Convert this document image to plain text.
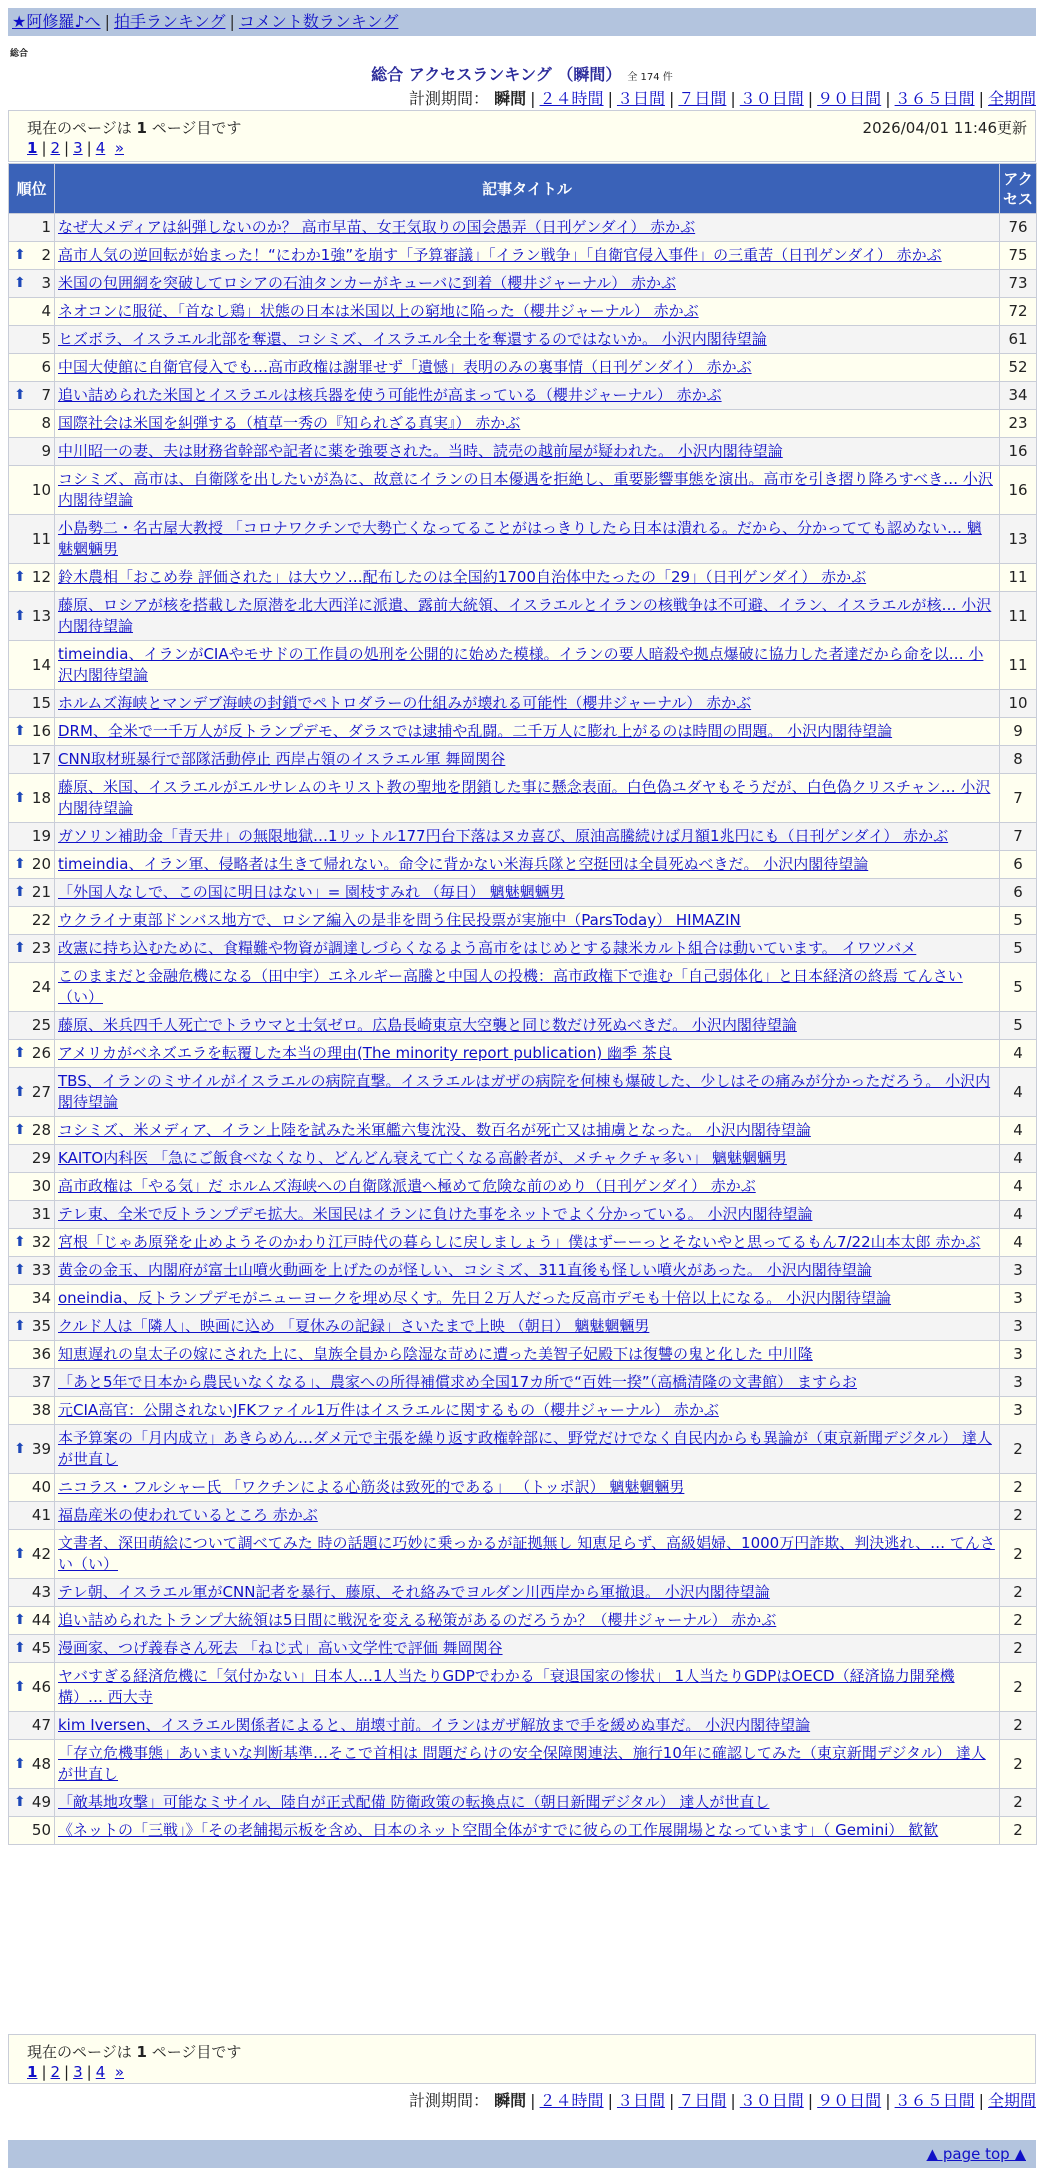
★阿修羅♪へ | 拍手ランキング | コメント数ランキング
総合
総合 アクセスランキング （瞬間） 全 174 件
計測期間： 瞬間 | ２４時間 | ３日間 | ７日間 | ３０日間 | ９０日間 | ３６５日間 | 全期間
現在のページは 1 ページ目です	2026/04/01 11:46更新
1 | 2 | 3 | 4 »
順位	記事タイトル	アクセス
1	なぜ大メディアは糾弾しないのか？ 高市早苗、女王気取りの国会愚弄（日刊ゲンダイ） 赤かぶ	76

⬆ 2	高市人気の逆回転が始まった！“にわか1強”を崩す「予算審議」「イラン戦争」「自衛官侵入事件」の三重苦（日刊ゲンダイ） 赤かぶ	75

⬆ 3	米国の包囲網を突破してロシアの石油タンカーがキューバに到着（櫻井ジャーナル） 赤かぶ	73
4	ネオコンに服従、「首なし鶏」状態の日本は米国以上の窮地に陥った（櫻井ジャーナル） 赤かぶ	72
5	ヒズボラ、イスラエル北部を奪還、コシミズ、イスラエル全土を奪還するのではないか。 小沢内閣待望論	61
6	中国大使館に自衛官侵入でも…高市政権は謝罪せず「遺憾」表明のみの裏事情（日刊ゲンダイ） 赤かぶ	52

⬆ 7	追い詰められた米国とイスラエルは核兵器を使う可能性が高まっている（櫻井ジャーナル） 赤かぶ	34
8	国際社会は米国を糾弾する（植草一秀の『知られざる真実』） 赤かぶ	23
9	中川昭一の妻、夫は財務省幹部や記者に薬を強要された。当時、読売の越前屋が疑われた。 小沢内閣待望論	16
10	コシミズ、高市は、自衛隊を出したいが為に、故意にイランの日本優遇を拒絶し、重要影響事態を演出。高市を引き摺り降ろすべき… 小沢内閣待望論	16
11	小島勢二・名古屋大教授 「コロナワクチンで大勢亡くなってることがはっきりしたら日本は潰れる。だから、分かってても認めない… 魑魅魍魎男	13

⬆ 12	鈴木農相「おこめ券 評価された」は大ウソ…配布したのは全国約1700自治体中たったの「29」（日刊ゲンダイ） 赤かぶ	11

⬆ 13	藤原、ロシアが核を搭載した原潜を北大西洋に派遣、露前大統領、イスラエルとイランの核戦争は不可避、イラン、イスラエルが核… 小沢内閣待望論	11
14	timeindia、イランがCIAやモサドの工作員の処刑を公開的に始めた模様。イランの要人暗殺や拠点爆破に協力した者達だから命を以… 小沢内閣待望論	11
15	ホルムズ海峡とマンデブ海峡の封鎖でペトロダラーの仕組みが壊れる可能性（櫻井ジャーナル） 赤かぶ	10

⬆ 16	DRM、全米で一千万人が反トランプデモ、ダラスでは逮捕や乱闘。二千万人に膨れ上がるのは時間の問題。 小沢内閣待望論	9
17	CNN取材班暴行で部隊活動停止 西岸占領のイスラエル軍 舞岡関谷	8

⬆ 18	藤原、米国、イスラエルがエルサレムのキリスト教の聖地を閉鎖した事に懸念表面。白色偽ユダヤもそうだが、白色偽クリスチャン… 小沢内閣待望論	7
19	ガソリン補助金「青天井」の無限地獄…1リットル177円台下落はヌカ喜び、原油高騰続けば月額1兆円にも（日刊ゲンダイ） 赤かぶ	7

⬆ 20	timeindia、イラン軍、侵略者は生きて帰れない。命令に背かない米海兵隊と空挺団は全員死ぬべきだ。 小沢内閣待望論	6

⬆ 21	「外国人なしで、この国に明日はない」= 園枝すみれ （毎日） 魑魅魍魎男	6
22	ウクライナ東部ドンバス地方で、ロシア編入の是非を問う住民投票が実施中（ParsToday） HIMAZIN	5

⬆ 23	改憲に持ち込むために、食糧難や物資が調達しづらくなるよう高市をはじめとする隷米カルト組合は動いています。 イワツバメ	5
24	このままだと金融危機になる（田中宇）エネルギー高騰と中国人の投機：高市政権下で進む「自己弱体化」と日本経済の終焉 てんさい（い）	5
25	藤原、米兵四千人死亡でトラウマと士気ゼロ。広島長崎東京大空襲と同じ数だけ死ぬべきだ。 小沢内閣待望論	5

⬆ 26	アメリカがベネズエラを転覆した本当の理由(The minority report publication) 幽季 茶良	4

⬆ 27	TBS、イランのミサイルがイスラエルの病院直撃。イスラエルはガザの病院を何棟も爆破した、少しはその痛みが分かっただろう。 小沢内閣待望論	4

⬆ 28	コシミズ、米メディア、イラン上陸を試みた米軍艦六隻沈没、数百名が死亡又は捕虜となった。 小沢内閣待望論	4
29	KAITO内科医 「急にご飯食べなくなり、どんどん衰えて亡くなる高齢者が、メチャクチャ多い」 魑魅魍魎男	4
30	高市政権は「やる気」だ ホルムズ海峡への自衛隊派遣へ極めて危険な前のめり（日刊ゲンダイ） 赤かぶ	4
31	テレ東、全米で反トランプデモ拡大。米国民はイランに負けた事をネットでよく分かっている。 小沢内閣待望論	4

⬆ 32	宮根「じゃあ原発を止めようそのかわり江戸時代の暮らしに戻しましょう」僕はずーーっとそないやと思ってるもん7/22山本太郎 赤かぶ	4

⬆ 33	黄金の金玉、内閣府が富士山噴火動画を上げたのが怪しい、コシミズ、311直後も怪しい噴火があった。 小沢内閣待望論	3
34	oneindia、反トランプデモがニューヨークを埋め尽くす。先日２万人だった反高市デモも十倍以上になる。 小沢内閣待望論	3

⬆ 35	クルド人は「隣人」、映画に込め 「夏休みの記録」さいたまで上映 （朝日） 魑魅魍魎男	3
36	知恵遅れの皇太子の嫁にされた上に、皇族全員から陰湿な苛めに遭った美智子妃殿下は復讐の鬼と化した 中川隆	3
37	「あと5年で日本から農民いなくなる」、農家への所得補償求め全国17カ所で“百姓一揆”（高橋清隆の文書館） ますらお	3
38	元CIA高官：公開されないJFKファイル1万件はイスラエルに関するもの（櫻井ジャーナル） 赤かぶ	3

⬆ 39	本予算案の「月内成立」あきらめん…ダメ元で主張を繰り返す政権幹部に、野党だけでなく自民内からも異論が（東京新聞デジタル） 達人が世直し	2
40	ニコラス・フルシャー氏 「ワクチンによる心筋炎は致死的である」 （トッポ訳） 魑魅魍魎男	2
41	福島産米の使われているところ 赤かぶ	2

⬆ 42	文書者、深田萌絵について調べてみた 時の話題に巧妙に乗っかるが証拠無し 知恵足らず、高級娼婦、1000万円詐欺、判決逃れ、… てんさい（い）	2
43	テレ朝、イスラエル軍がCNN記者を暴行、藤原、それ絡みでヨルダン川西岸から軍撤退。 小沢内閣待望論	2

⬆ 44	追い詰められたトランプ大統領は5日間に戦況を変える秘策があるのだろうか？（櫻井ジャーナル） 赤かぶ	2

⬆ 45	漫画家、つげ義春さん死去 「ねじ式」高い文学性で評価 舞岡関谷	2

⬆ 46	ヤバすぎる経済危機に「気付かない」日本人…1人当たりGDPでわかる「衰退国家の惨状」 1人当たりGDPはOECD（経済協力開発機構）… 西大寺	2
47	kim Iversen、イスラエル関係者によると、崩壊寸前。イランはガザ解放まで手を緩めぬ事だ。 小沢内閣待望論	2

⬆ 48	「存立危機事態」あいまいな判断基準…そこで首相は 問題だらけの安全保障関連法、施行10年に確認してみた（東京新聞デジタル） 達人が世直し	2

⬆ 49	「敵基地攻撃」可能なミサイル、陸自が正式配備 防衛政策の転換点に（朝日新聞デジタル） 達人が世直し	2
50	《ネットの「三戦」》「その老舗掲示板を含め、日本のネット空間全体がすでに彼らの工作展開場となっています」（ Gemini） 歓歓	2
現在のページは 1 ページ目です
1 | 2 | 3 | 4 »
計測期間： 瞬間 | ２４時間 | ３日間 | ７日間 | ３０日間 | ９０日間 | ３６５日間 | 全期間
▲ page top ▲
